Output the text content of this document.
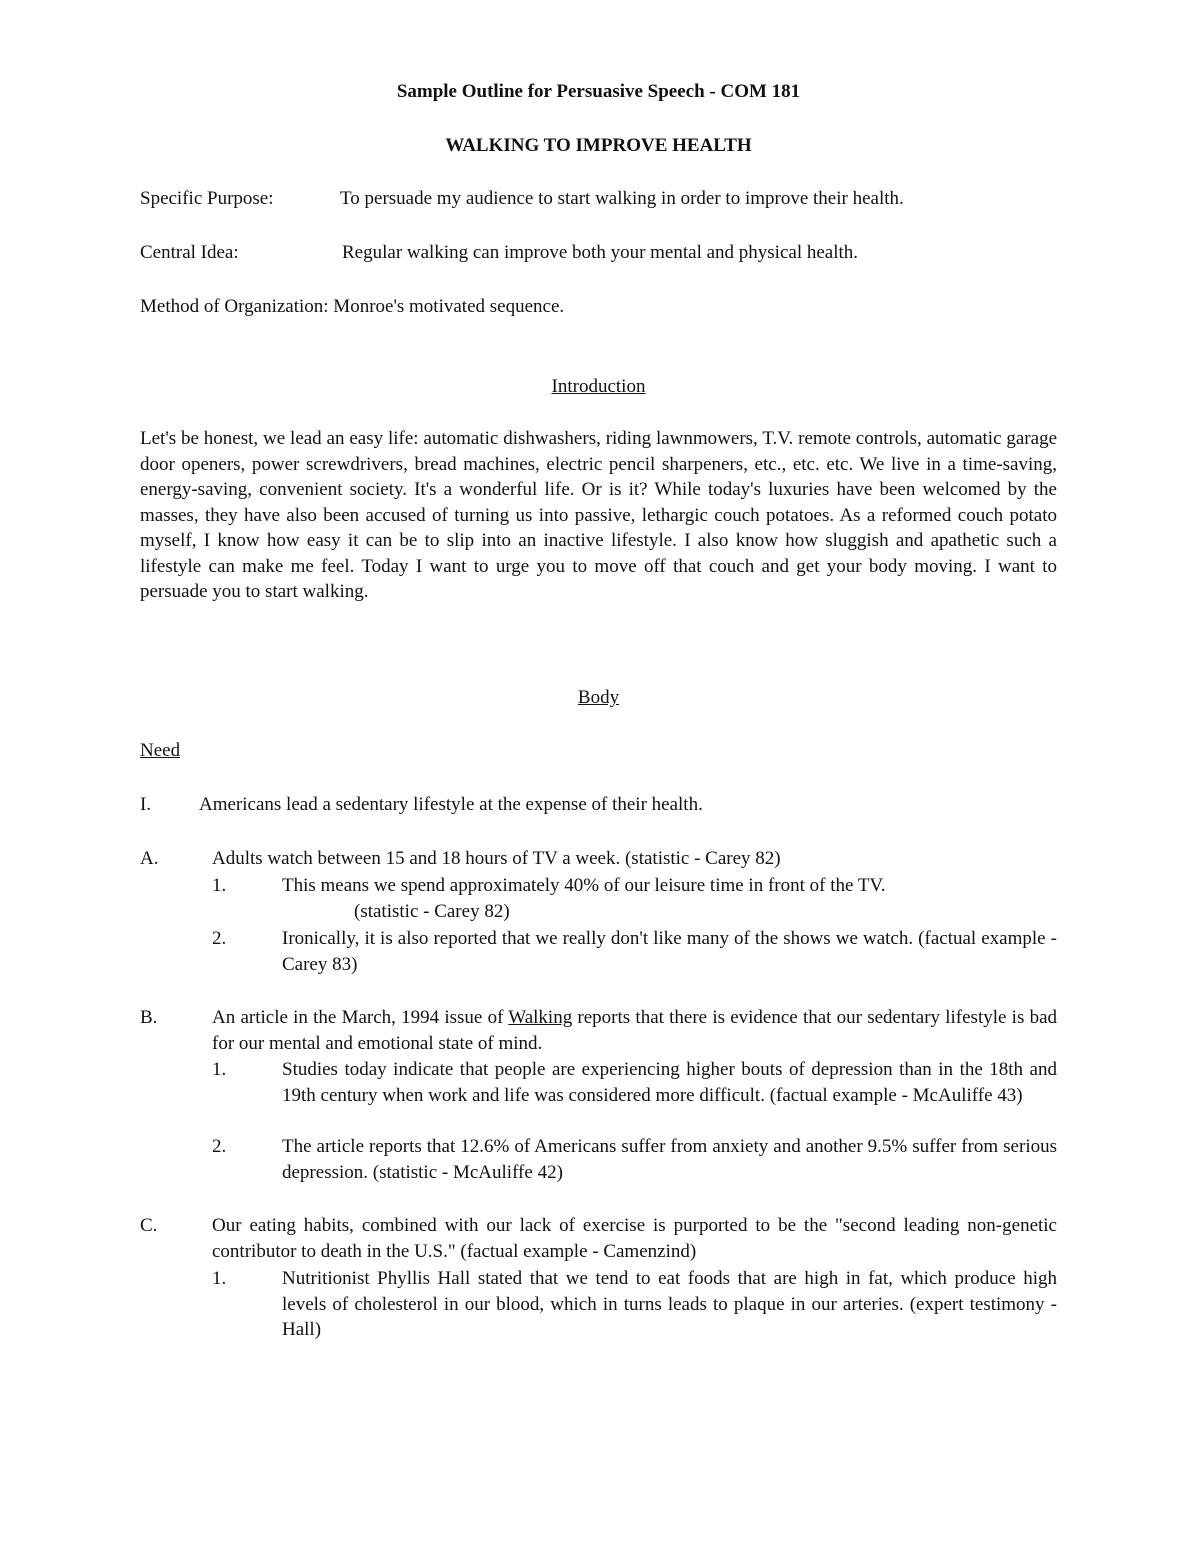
Sample Outline for Persuasive Speech - COM 181
WALKING TO IMPROVE HEALTH
Specific Purpose:	To persuade my audience to start walking in order to improve their health.
Central Idea:	Regular walking can improve both your mental and physical health.
Method of Organization: Monroe's motivated sequence.
Introduction
Let's be honest, we lead an easy life: automatic dishwashers, riding lawnmowers, T.V. remote controls, automatic garage door openers, power screwdrivers, bread machines, electric pencil sharpeners, etc., etc. etc. We live in a time-saving, energy-saving, convenient society. It's a wonderful life. Or is it? While today's luxuries have been welcomed by the masses, they have also been accused of turning us into passive, lethargic couch potatoes. As a reformed couch potato myself, I know how easy it can be to slip into an inactive lifestyle. I also know how sluggish and apathetic such a lifestyle can make me feel. Today I want to urge you to move off that couch and get your body moving. I want to persuade you to start walking.
Body
Need
I.	Americans lead a sedentary lifestyle at the expense of their health.
A.	Adults watch between 15 and 18 hours of TV a week. (statistic - Carey 82)
1.	This means we spend approximately 40% of our leisure time in front of the TV.
(statistic - Carey 82)
2.	Ironically, it is also reported that we really don't like many of the shows we watch. (factual example - Carey 83)
B.	An article in the March, 1994 issue of Walking reports that there is evidence that our sedentary lifestyle is bad for our mental and emotional state of mind.
1.	Studies today indicate that people are experiencing higher bouts of depression than in the 18th and 19th century when work and life was considered more difficult. (factual example - McAuliffe 43)
2.	The article reports that 12.6% of Americans suffer from anxiety and another 9.5% suffer from serious depression. (statistic - McAuliffe 42)
C.	Our eating habits, combined with our lack of exercise is purported to be the "second leading non-genetic contributor to death in the U.S." (factual example - Camenzind)
1.	Nutritionist Phyllis Hall stated that we tend to eat foods that are high in fat, which produce high levels of cholesterol in our blood, which in turns leads to plaque in our arteries. (expert testimony - Hall)
